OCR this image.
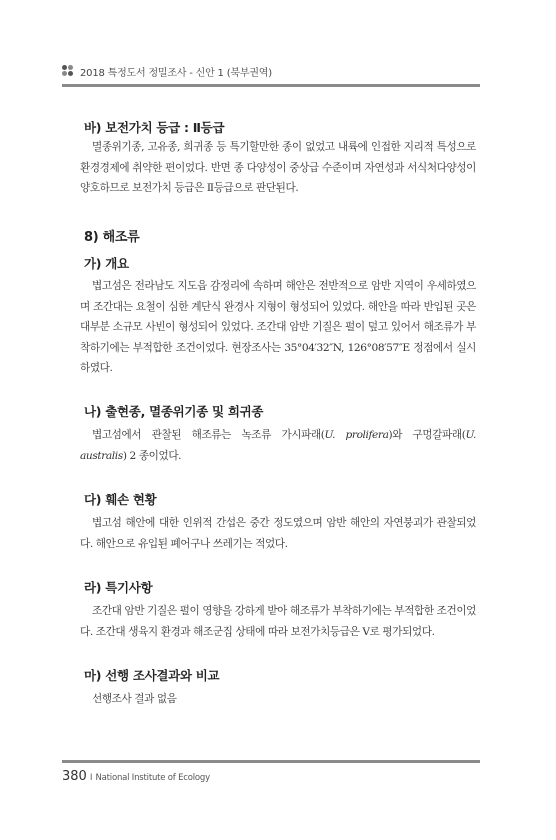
2018 특정도서 정밀조사 - 신안 1 (북부권역)
바) 보전가치 등급 : Ⅱ등급

멸종위기종, 고유종, 희귀종 등 특기할만한 종이 없었고 내륙에 인접한 지리적 특성으로 환경경제에 취약한 편이었다. 반면 종 다양성이 중상급 수준이며 자연성과 서식처다양성이 양호하므로 보전가치 등급은 Ⅱ등급으로 판단된다.

8) 해조류
가) 개요

볍고섬은 전라남도 지도읍 감정리에 속하며 해안은 전반적으로 암반 지역이 우세하였으며 조간대는 요철이 심한 계단식 완경사 지형이 형성되어 있었다. 해안을 따라 반입된 곳은 대부분 소규모 사빈이 형성되어 있었다. 조간대 암반 기질은 펄이 덮고 있어서 해조류가 부착하기에는 부적합한 조건이었다. 현장조사는 35°04′32″N, 126°08′57″E 정점에서 실시하였다.

나) 출현종, 멸종위기종 및 희귀종

볍고섬에서 관찰된 해조류는 녹조류 가시파래(U. prolifera)와 구멍갈파래(U. australis) 2 종이었다.

다) 훼손 현황

볍고섬 해안에 대한 인위적 간섭은 중간 정도였으며 암반 해안의 자연붕괴가 관찰되었다. 해안으로 유입된 폐어구나 쓰레기는 적었다.

라) 특기사항

조간대 암반 기질은 펄이 영향을 강하게 받아 해조류가 부착하기에는 부적합한 조건이었다. 조간대 생육지 환경과 해조군집 상태에 따라 보전가치등급은 Ⅴ로 평가되었다.

마) 선행 조사결과와 비교

선행조사 결과 없음

380 I National Institute of Ecology
